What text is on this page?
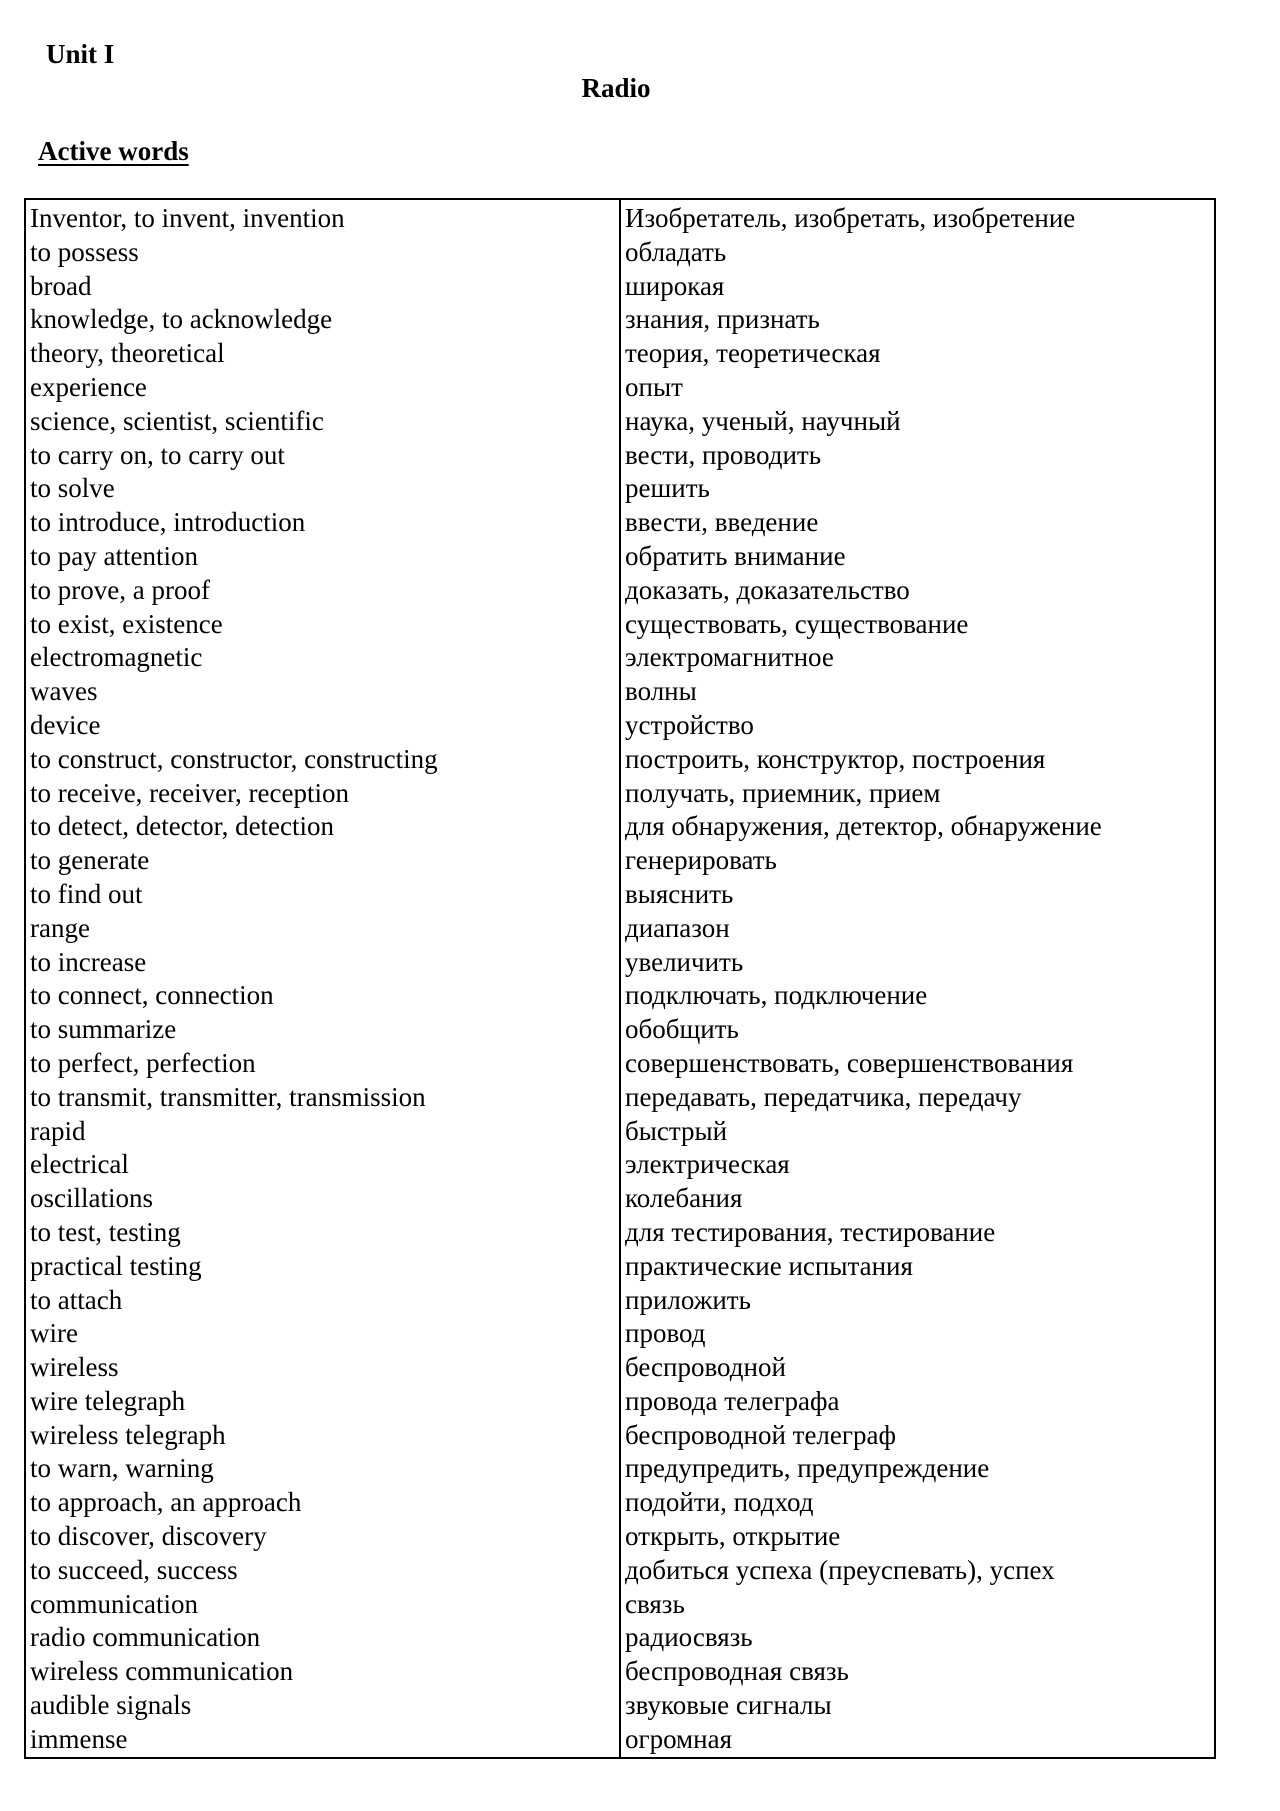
Unit I
Radio
Active words
Inventor, to invent, invention	Изобретатель, изобретать, изобретение
to possess	обладать
broad	широкая
knowledge, to acknowledge	знания, признать
theory, theoretical	теория, теоретическая
experience	опыт
science, scientist, scientific	наука, ученый, научный
to carry on, to carry out	вести, проводить
to solve	решить
to introduce, introduction	ввести, введение
to pay attention	обратить внимание
to prove, a proof	доказать, доказательство
to exist, existence	существовать, существование
electromagnetic	электромагнитное
waves	волны
device	устройство
to construct, constructor, constructing	построить, конструктор, построения
to receive, receiver, reception	получать, приемник, прием
to detect, detector, detection	для обнаружения, детектор, обнаружение
to generate	генерировать
to find out	выяснить
range	диапазон
to increase	увеличить
to connect, connection	подключать, подключение
to summarize	обобщить
to perfect, perfection	совершенствовать, совершенствования
to transmit, transmitter, transmission	передавать, передатчика, передачу
rapid	быстрый
electrical	электрическая
oscillations	колебания
to test, testing	для тестирования, тестирование
practical testing	практические испытания
to attach	приложить
wire	провод
wireless	беспроводной
wire telegraph	провода телеграфа
wireless telegraph	беспроводной телеграф
to warn, warning	предупредить, предупреждение
to approach, an approach	подойти, подход
to discover, discovery	открыть, открытие
to succeed, success	добиться успеха (преуспевать), успех
communication	связь
radio communication	радиосвязь
wireless communication	беспроводная связь
audible signals	звуковые сигналы
immense	огромная
